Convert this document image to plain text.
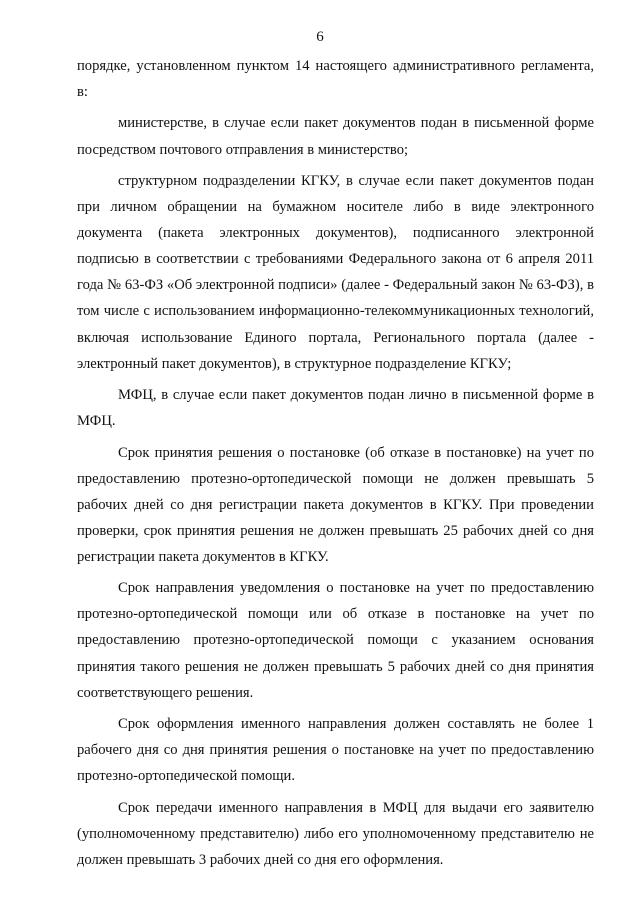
6

порядке, установленном пунктом 14 настоящего административного регламента, в:

министерстве, в случае если пакет документов подан в письменной форме посредством почтового отправления в министерство;

структурном подразделении КГКУ, в случае если пакет документов подан при личном обращении на бумажном носителе либо в виде электронного документа (пакета электронных документов), подписанного электронной подписью в соответствии с требованиями Федерального закона от 6 апреля 2011 года № 63-ФЗ «Об электронной подписи» (далее - Федеральный закон № 63-ФЗ), в том числе с использованием информационно-телекоммуникационных технологий, включая использование Единого портала, Регионального портала (далее - электронный пакет документов), в структурное подразделение КГКУ;

МФЦ, в случае если пакет документов подан лично в письменной форме в МФЦ.

Срок принятия решения о постановке (об отказе в постановке) на учет по предоставлению протезно-ортопедической помощи не должен превышать 5 рабочих дней со дня регистрации пакета документов в КГКУ. При проведении проверки, срок принятия решения не должен превышать 25 рабочих дней со дня регистрации пакета документов в КГКУ.

Срок направления уведомления о постановке на учет по предоставлению протезно-ортопедической помощи или об отказе в постановке на учет по предоставлению протезно-ортопедической помощи с указанием основания принятия такого решения не должен превышать 5 рабочих дней со дня принятия соответствующего решения.

Срок оформления именного направления должен составлять не более 1 рабочего дня со дня принятия решения о постановке на учет по предоставлению протезно-ортопедической помощи.

Срок передачи именного направления в МФЦ для выдачи его заявителю (уполномоченному представителю) либо его уполномоченному представителю не должен превышать 3 рабочих дней со дня его оформления.
